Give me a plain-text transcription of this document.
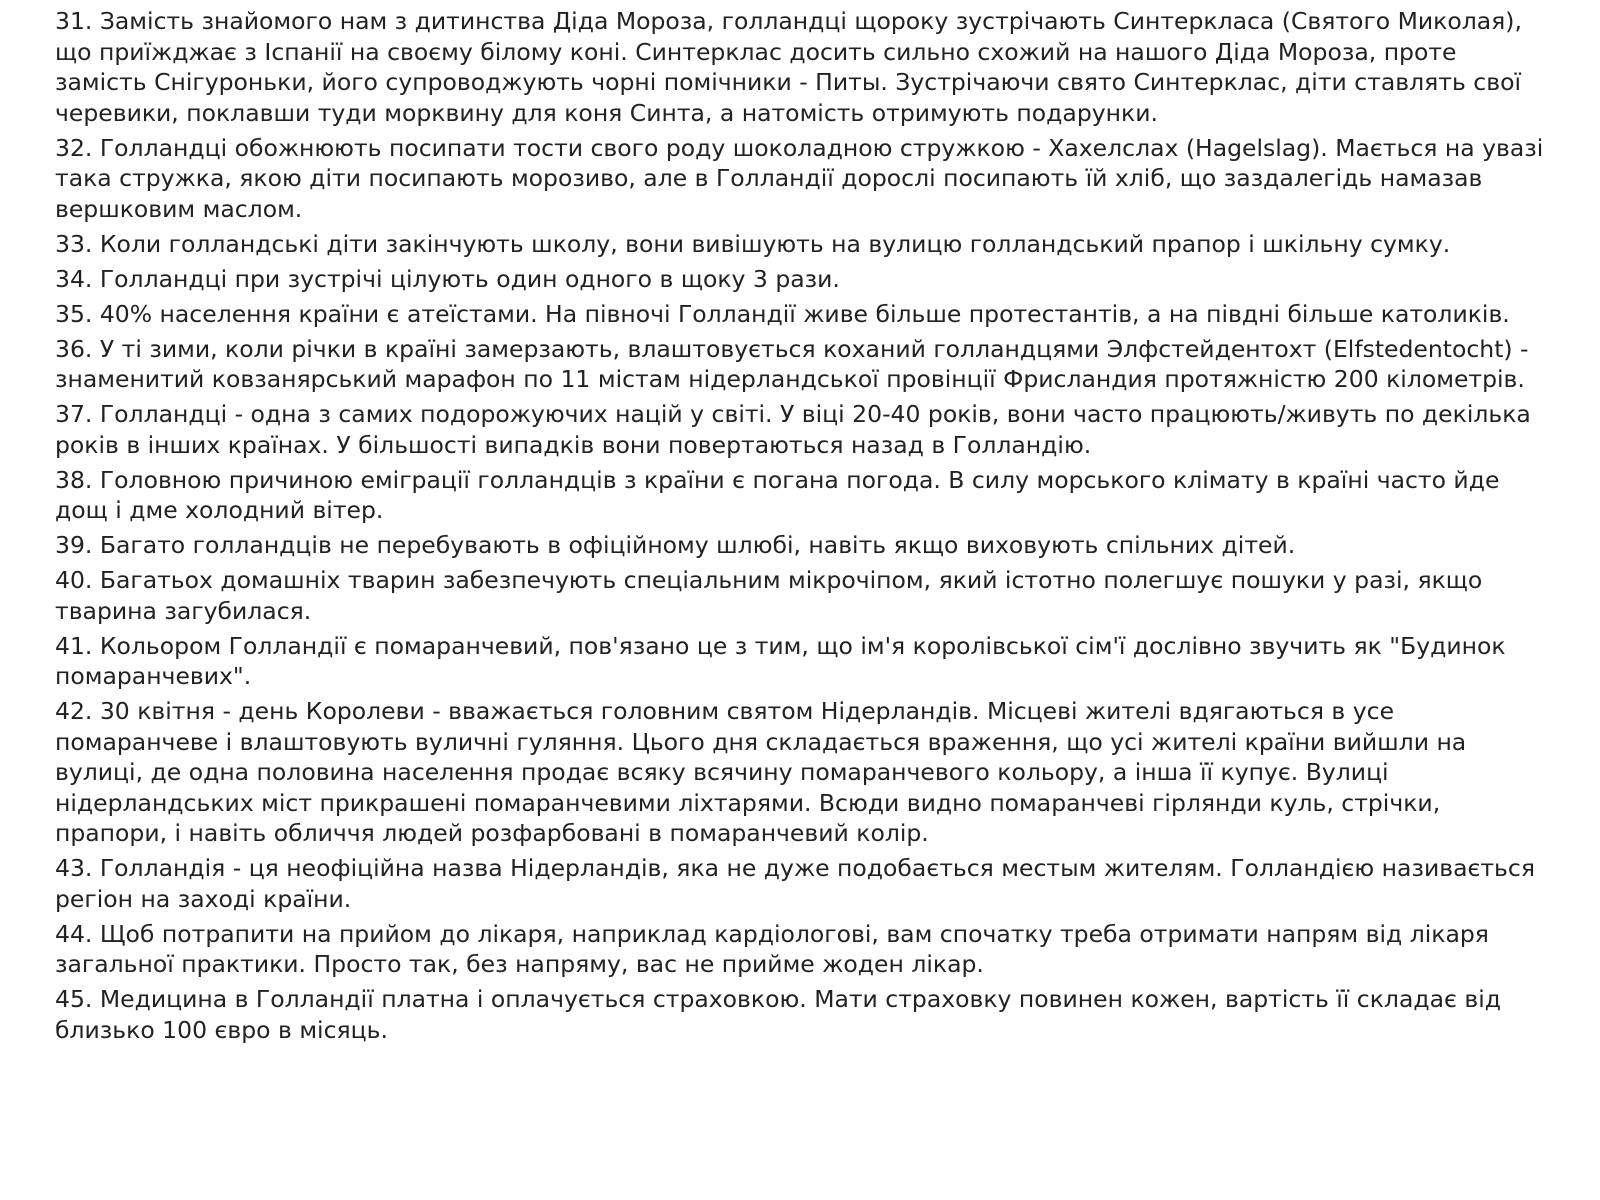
31. Замість знайомого нам з дитинства Діда Мороза, голландці щороку зустрічають Синтерклаcа (Святого Миколая), що приїжджає з Іспанії на своєму білому коні. Синтерклас досить сильно схожий на нашого Діда Мороза, проте замість Снігуроньки, його супроводжують чорні помічники - Питы. Зустрічаючи свято Синтерклас, діти ставлять свої черевики, поклавши туди морквину для коня Синта, а натомість отримують подарунки.

32. Голландці обожнюють посипати тости свого роду шоколадною стружкою - Хахелслах (Hagelslag). Мається на увазі така стружка, якою діти посипають морозиво, але в Голландії дорослі посипають їй хліб, що заздалегідь намазав вершковим маслом.

33. Коли голландські діти закінчують школу, вони вивішують на вулицю голландський прапор і шкільну сумку.

34. Голландці при зустрічі цілують один одного в щоку 3 рази.

35. 40% населення країни є атеїстами. На півночі Голландії живе більше протестантів, а на півдні більше католиків.

36. У ті зими, коли річки в країні замерзають, влаштовується коханий голландцями Элфстейдентохт (Elfstedentocht) - знаменитий ковзанярський марафон по 11 містам нідерландської провінції Фрисландия протяжністю 200 кілометрів.

37. Голландці - одна з самих подорожуючих націй у світі. У віці 20-40 років, вони часто працюють/живуть по декілька років в інших країнах. У більшості випадків вони повертаються назад в Голландію.

38. Головною причиною еміграції голландців з країни є погана погода. В силу морського клімату в країні часто йде дощ і дме холодний вітер.

39. Багато голландців не перебувають в офіційному шлюбі, навіть якщо виховують спільних дітей.

40. Багатьох домашніх тварин забезпечують спеціальним мікрочіпом, який істотно полегшує пошуки у разі, якщо тварина загубилася.

41. Кольором Голландії є помаранчевий, пов'язано це з тим, що ім'я королівської сім'ї дослівно звучить як "Будинок помаранчевих".

42. 30 квітня - день Королеви - вважається головним святом Нідерландів. Місцеві жителі вдягаються в усе помаранчеве і влаштовують вуличні гуляння. Цього дня складається враження, що усі жителі країни вийшли на вулиці, де одна половина населення продає всяку всячину помаранчевого кольору, а інша її купує. Вулиці нідерландських міст прикрашені помаранчевими ліхтарями. Всюди видно помаранчеві гірлянди куль, стрічки, прапори, і навіть обличчя людей розфарбовані в помаранчевий колір.

43. Голландія - ця неофіційна назва Нідерландів, яка не дуже подобається местым жителям. Голландією називається регіон на заході країни.

44. Щоб потрапити на прийом до лікаря, наприклад кардіологові, вам спочатку треба отримати напрям від лікаря загальної практики. Просто так, без напряму, вас не прийме жоден лікар.

45. Медицина в Голландії платна і оплачується страховкою. Мати страховку повинен кожен, вартість її складає від близько 100 євро в місяць.
